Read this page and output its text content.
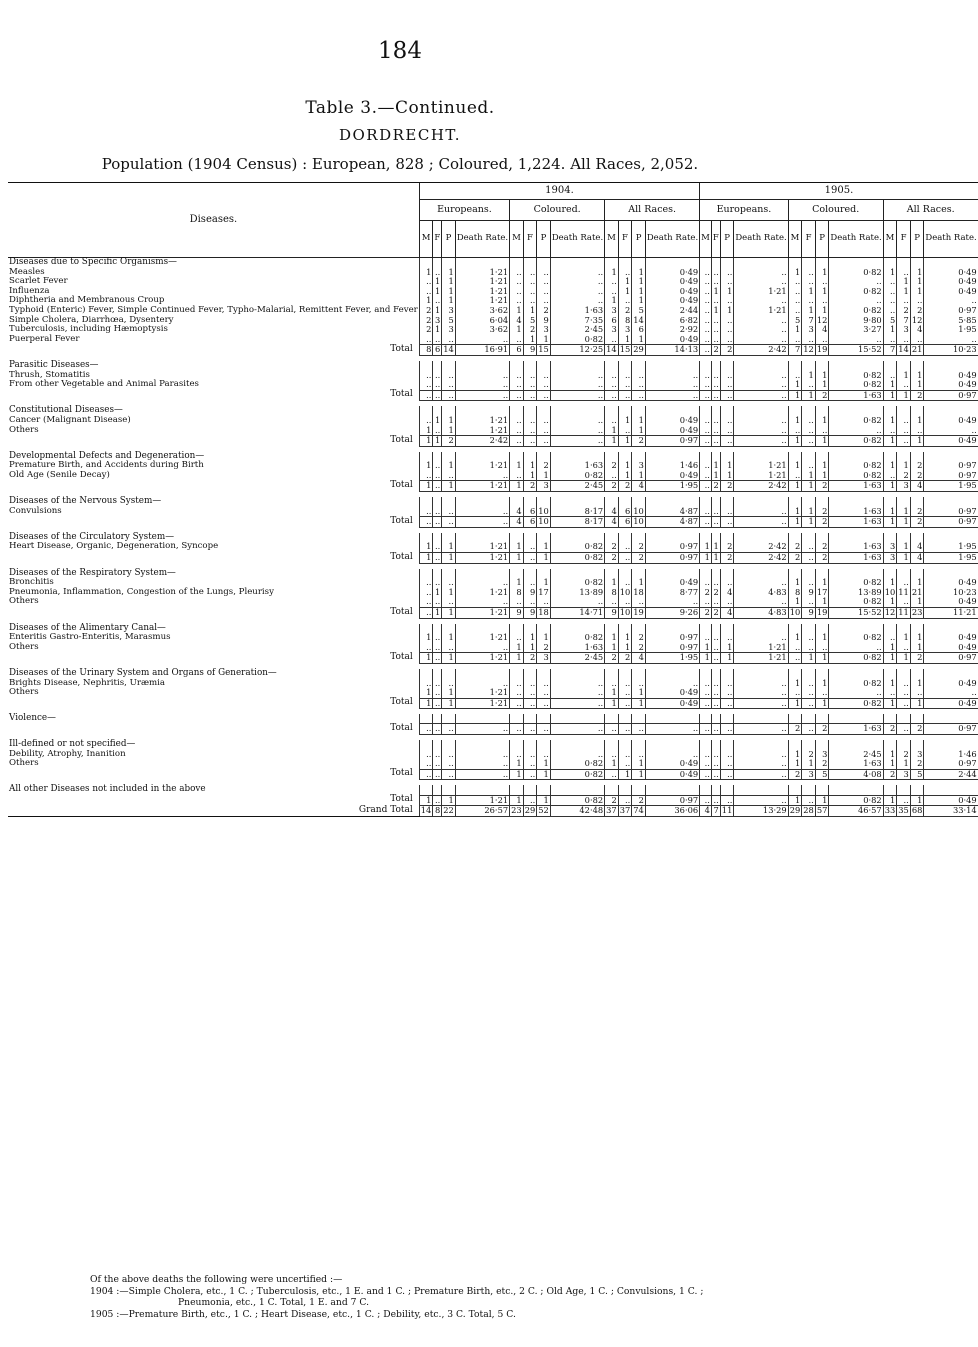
184
Table 3.—Continued.
DORDRECHT.
Population (1904 Census) : European, 828 ; Coloured, 1,224. All Races, 2,052.
Diseases.	1904.												1905.											
	Europeans.				Coloured.				All Races.				Europeans.				Coloured.				All Races.			
	M	F	P	Death Rate.	M	F	P	Death Rate.	M	F	P	Death Rate.	M	F	P	Death Rate.	M	F	P	Death Rate.	M	F	P	Death Rate.
Diseases due to Specific Organisms—																								
Measles	1	..	1	1·21	..	..	..	..	1	..	1	0·49	..	..	..	..	1	..	1	0·82	1	..	1	0·49
Scarlet Fever	..	1	1	1·21	..	..	..	..	..	1	1	0·49	..	..	..	..	..	..	..	..	..	1	1	0·49
Influenza	..	1	1	1·21	..	..	..	..	..	1	1	0·49	..	1	1	1·21	..	1	1	0·82	..	1	1	0·49
Diphtheria and Membranous Croup	1	..	1	1·21	..	..	..	..	1	..	1	0·49	..	..	..	..	..	..	..	..	..	..	..	..
Typhoid (Enteric) Fever, Simple Continued Fever, Typho-Malarial, Remittent Fever, and Fever	2	1	3	3·62	1	1	2	1·63	3	2	5	2·44	..	1	1	1·21	..	1	1	0·82	..	2	2	0·97
Simple Cholera, Diarrhœa, Dysentery	2	3	5	6·04	4	5	9	7·35	6	8	14	6·82	..	..	..	..	5	7	12	9·80	5	7	12	5·85
Tuberculosis, including Hæmoptysis	2	1	3	3·62	1	2	3	2·45	3	3	6	2·92	..	..	..	..	1	3	4	3·27	1	3	4	1·95
Puerperal Fever	..	..	..	..	..	1	1	0·82	..	1	1	0·49	..	..	..	..	..	..	..	..	..	..	..	..
Total	8	6	14	16·91	6	9	15	12·25	14	15	29	14·13	..	2	2	2·42	7	12	19	15·52	7	14	21	10·23

Parasitic Diseases—																								
Thrush, Stomatitis	..	..	..	..	..	..	..	..	..	..	..	..	..	..	..	..	..	1	1	0·82	..	1	1	0·49
From other Vegetable and Animal Parasites	..	..	..	..	..	..	..	..	..	..	..	..	..	..	..	..	1	..	1	0·82	1	..	1	0·49
Total	..	..	..	..	..	..	..	..	..	..	..	..	..	..	..	..	1	1	2	1·63	1	1	2	0·97

Constitutional Diseases—																								
Cancer (Malignant Disease)	..	1	1	1·21	..	..	..	..	..	1	1	0·49	..	..	..	..	1	..	1	0·82	1	..	1	0·49
Others	1	..	1	1·21	..	..	..	..	1	..	1	0·49	..	..	..	..	..	..	..	..	..	..	..	..
Total	1	1	2	2·42	..	..	..	..	1	1	2	0·97	..	..	..	..	1	..	1	0·82	1	..	1	0·49

Developmental Defects and Degeneration—																								
Premature Birth, and Accidents during Birth	1	..	1	1·21	1	1	2	1·63	2	1	3	1·46	..	1	1	1·21	1	..	1	0·82	1	1	2	0·97
Old Age (Senile Decay)	..	..	..	..	..	1	1	0·82	..	1	1	0·49	..	1	1	1·21	..	1	1	0·82	..	2	2	0·97
Total	1	..	1	1·21	1	2	3	2·45	2	2	4	1·95	..	2	2	2·42	1	1	2	1·63	1	3	4	1·95

Diseases of the Nervous System—																								
Convulsions	..	..	..	..	4	6	10	8·17	4	6	10	4·87	..	..	..	..	1	1	2	1·63	1	1	2	0·97
Total	..	..	..	..	4	6	10	8·17	4	6	10	4·87	..	..	..	..	1	1	2	1·63	1	1	2	0·97

Diseases of the Circulatory System—																								
Heart Disease, Organic, Degeneration, Syncope	1	..	1	1·21	1	..	1	0·82	2	..	2	0·97	1	1	2	2·42	2	..	2	1·63	3	1	4	1·95
Total	1	..	1	1·21	1	..	1	0·82	2	..	2	0·97	1	1	2	2·42	2	..	2	1·63	3	1	4	1·95

Diseases of the Respiratory System—																								
Bronchitis	..	..	..	..	1	..	1	0·82	1	..	1	0·49	..	..	..	..	1	..	1	0·82	1	..	1	0·49
Pneumonia, Inflammation, Congestion of the Lungs, Pleurisy	..	1	1	1·21	8	9	17	13·89	8	10	18	8·77	2	2	4	4·83	8	9	17	13·89	10	11	21	10·23
Others	..	..	..	..	..	..	..	..	..	..	..	..	..	..	..	..	1	..	1	0·82	1	..	1	0·49
Total	..	1	1	1·21	9	9	18	14·71	9	10	19	9·26	2	2	4	4·83	10	9	19	15·52	12	11	23	11·21

Diseases of the Alimentary Canal—																								
Enteritis Gastro-Enteritis, Marasmus	1	..	1	1·21	..	1	1	0·82	1	1	2	0·97	..	..	..	..	1	..	1	0·82	..	1	1	0·49
Others	..	..	..	..	1	1	2	1·63	1	1	2	0·97	1	..	1	1·21	..	..	..	..	1	..	1	0·49
Total	1	..	1	1·21	1	2	3	2·45	2	2	4	1·95	1	..	1	1·21	..	1	1	0·82	1	1	2	0·97

Diseases of the Urinary System and Organs of Generation—																								
Brights Disease, Nephritis, Uræmia	..	..	..	..	..	..	..	..	..	..	..	..	..	..	..	..	1	..	1	0·82	1	..	1	0·49
Others	1	..	1	1·21	..	..	..	..	1	..	1	0·49	..	..	..	..	..	..	..	..	..	..	..	..
Total	1	..	1	1·21	..	..	..	..	1	..	1	0·49	..	..	..	..	1	..	1	0·82	1	..	1	0·49

Violence—																								
Total	..	..	..	..	..	..	..	..	..	..	..	..	..	..	..	..	2	..	2	1·63	2	..	2	0·97

Ill-defined or not specified—																								
Debility, Atrophy, Inanition	..	..	..	..	..	..	..	..	..	..	..	..	..	..	..	..	1	2	3	2·45	1	2	3	1·46
Others	..	..	..	..	1	..	1	0·82	1	..	1	0·49	..	..	..	..	1	1	2	1·63	1	1	2	0·97
Total	..	..	..	..	1	..	1	0·82	..	1	1	0·49	..	..	..	..	2	3	5	4·08	2	3	5	2·44

All other Diseases not included in the above																								
Total	1	..	1	1·21	1	..	1	0·82	2	..	2	0·97	..	..	..	..	1	..	1	0·82	1	..	1	0·49
Grand Total	14	8	22	26·57	23	29	52	42·48	37	37	74	36·06	4	7	11	13·29	29	28	57	46·57	33	35	68	33·14
Of the above deaths the following were uncertified :—
1904 :—Simple Cholera, etc., 1 C. ; Tuberculosis, etc., 1 E. and 1 C. ; Premature Birth, etc., 2 C. ; Old Age, 1 C. ; Convulsions, 1 C. ;
Pneumonia, etc., 1 C. Total, 1 E. and 7 C.
1905 :—Premature Birth, etc., 1 C. ; Heart Disease, etc., 1 C. ; Debility, etc., 3 C. Total, 5 C.
